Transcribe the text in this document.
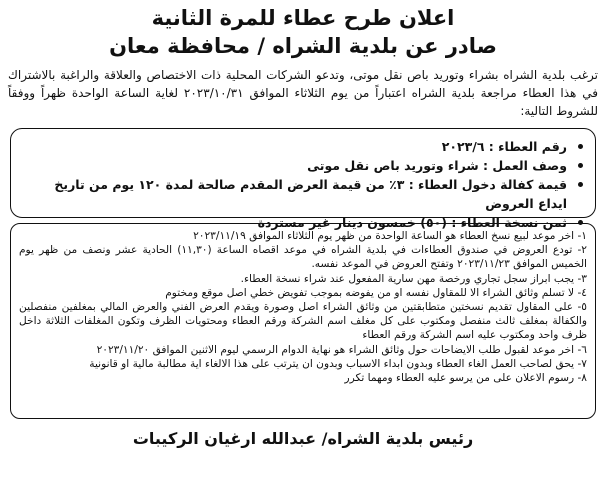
اعلان طرح عطاء للمرة الثانية
صادر عن بلدية الشراه / محافظة معان

ترغب بلدية الشراه بشراء وتوريد باص نقل موتى، وتدعو الشركات المحلية ذات الاختصاص والعلاقة والراغبة بالاشتراك في هذا العطاء مراجعة بلدية الشراه اعتباراً من يوم الثلاثاء الموافق ٢٠٢٣/١٠/٣١ لغاية الساعة الواحدة ظهراً ووفقاً للشروط التالية:

رقم العطاء : ٢٠٢٣/٦
وصف العمل : شراء وتوريد باص نقل موتى
قيمة كفالة دخول العطاء : ٣٪ من قيمة العرض المقدم صالحة لمدة ١٢٠ يوم من تاريخ ايداع العروض
ثمن نسخة العطاء : (٥٠) خمسون دينار غير مستردة
١- اخر موعد لبيع نسخ العطاء هو الساعة الواحدة من ظهر يوم الثلاثاء الموافق ٢٠٢٣/١١/١٩
٢- تودع العروض في صندوق العطاءات في بلدية الشراه في موعد اقصاه الساعة (١١,٣٠) الحادية عشر ونصف من ظهر يوم الخميس الموافق ٢٠٢٣/١١/٢٣ وتفتح العروض في الموعد نفسه.
٣- يجب ابراز سجل تجاري ورخصة مهن سارية المفعول عند شراء نسخة العطاء.
٤- لا تسلم وثائق الشراء الا للمقاول نفسه او من يفوضه بموجب تفويض خطي اصل موقع ومختوم
٥- على المقاول تقديم نسختين متطابقتين من وثائق الشراء اصل وصورة ويقدم العرض الفني والعرض المالي بمغلفين منفصلين والكفالة بمغلف ثالث منفصل ومكتوب على كل مغلف اسم الشركة ورقم العطاء ومحتويات الظرف وتكون المغلفات الثلاثة داخل ظرف واحد ومكتوب عليه اسم الشركة ورقم العطاء
٦- اخر موعد لقبول طلب الايضاحات حول وثائق الشراء هو نهاية الدوام الرسمي ليوم الاثنين الموافق ٢٠٢٣/١١/٢٠
٧- يحق لصاحب العمل الغاء العطاء وبدون ابداء الاسباب وبدون ان يترتب على هذا الالغاء اية مطالبة مالية او قانونية
٨- رسوم الاعلان على من يرسو عليه العطاء ومهما تكرر
رئيس بلدية الشراه/ عبدالله ارغيان الركيبات
